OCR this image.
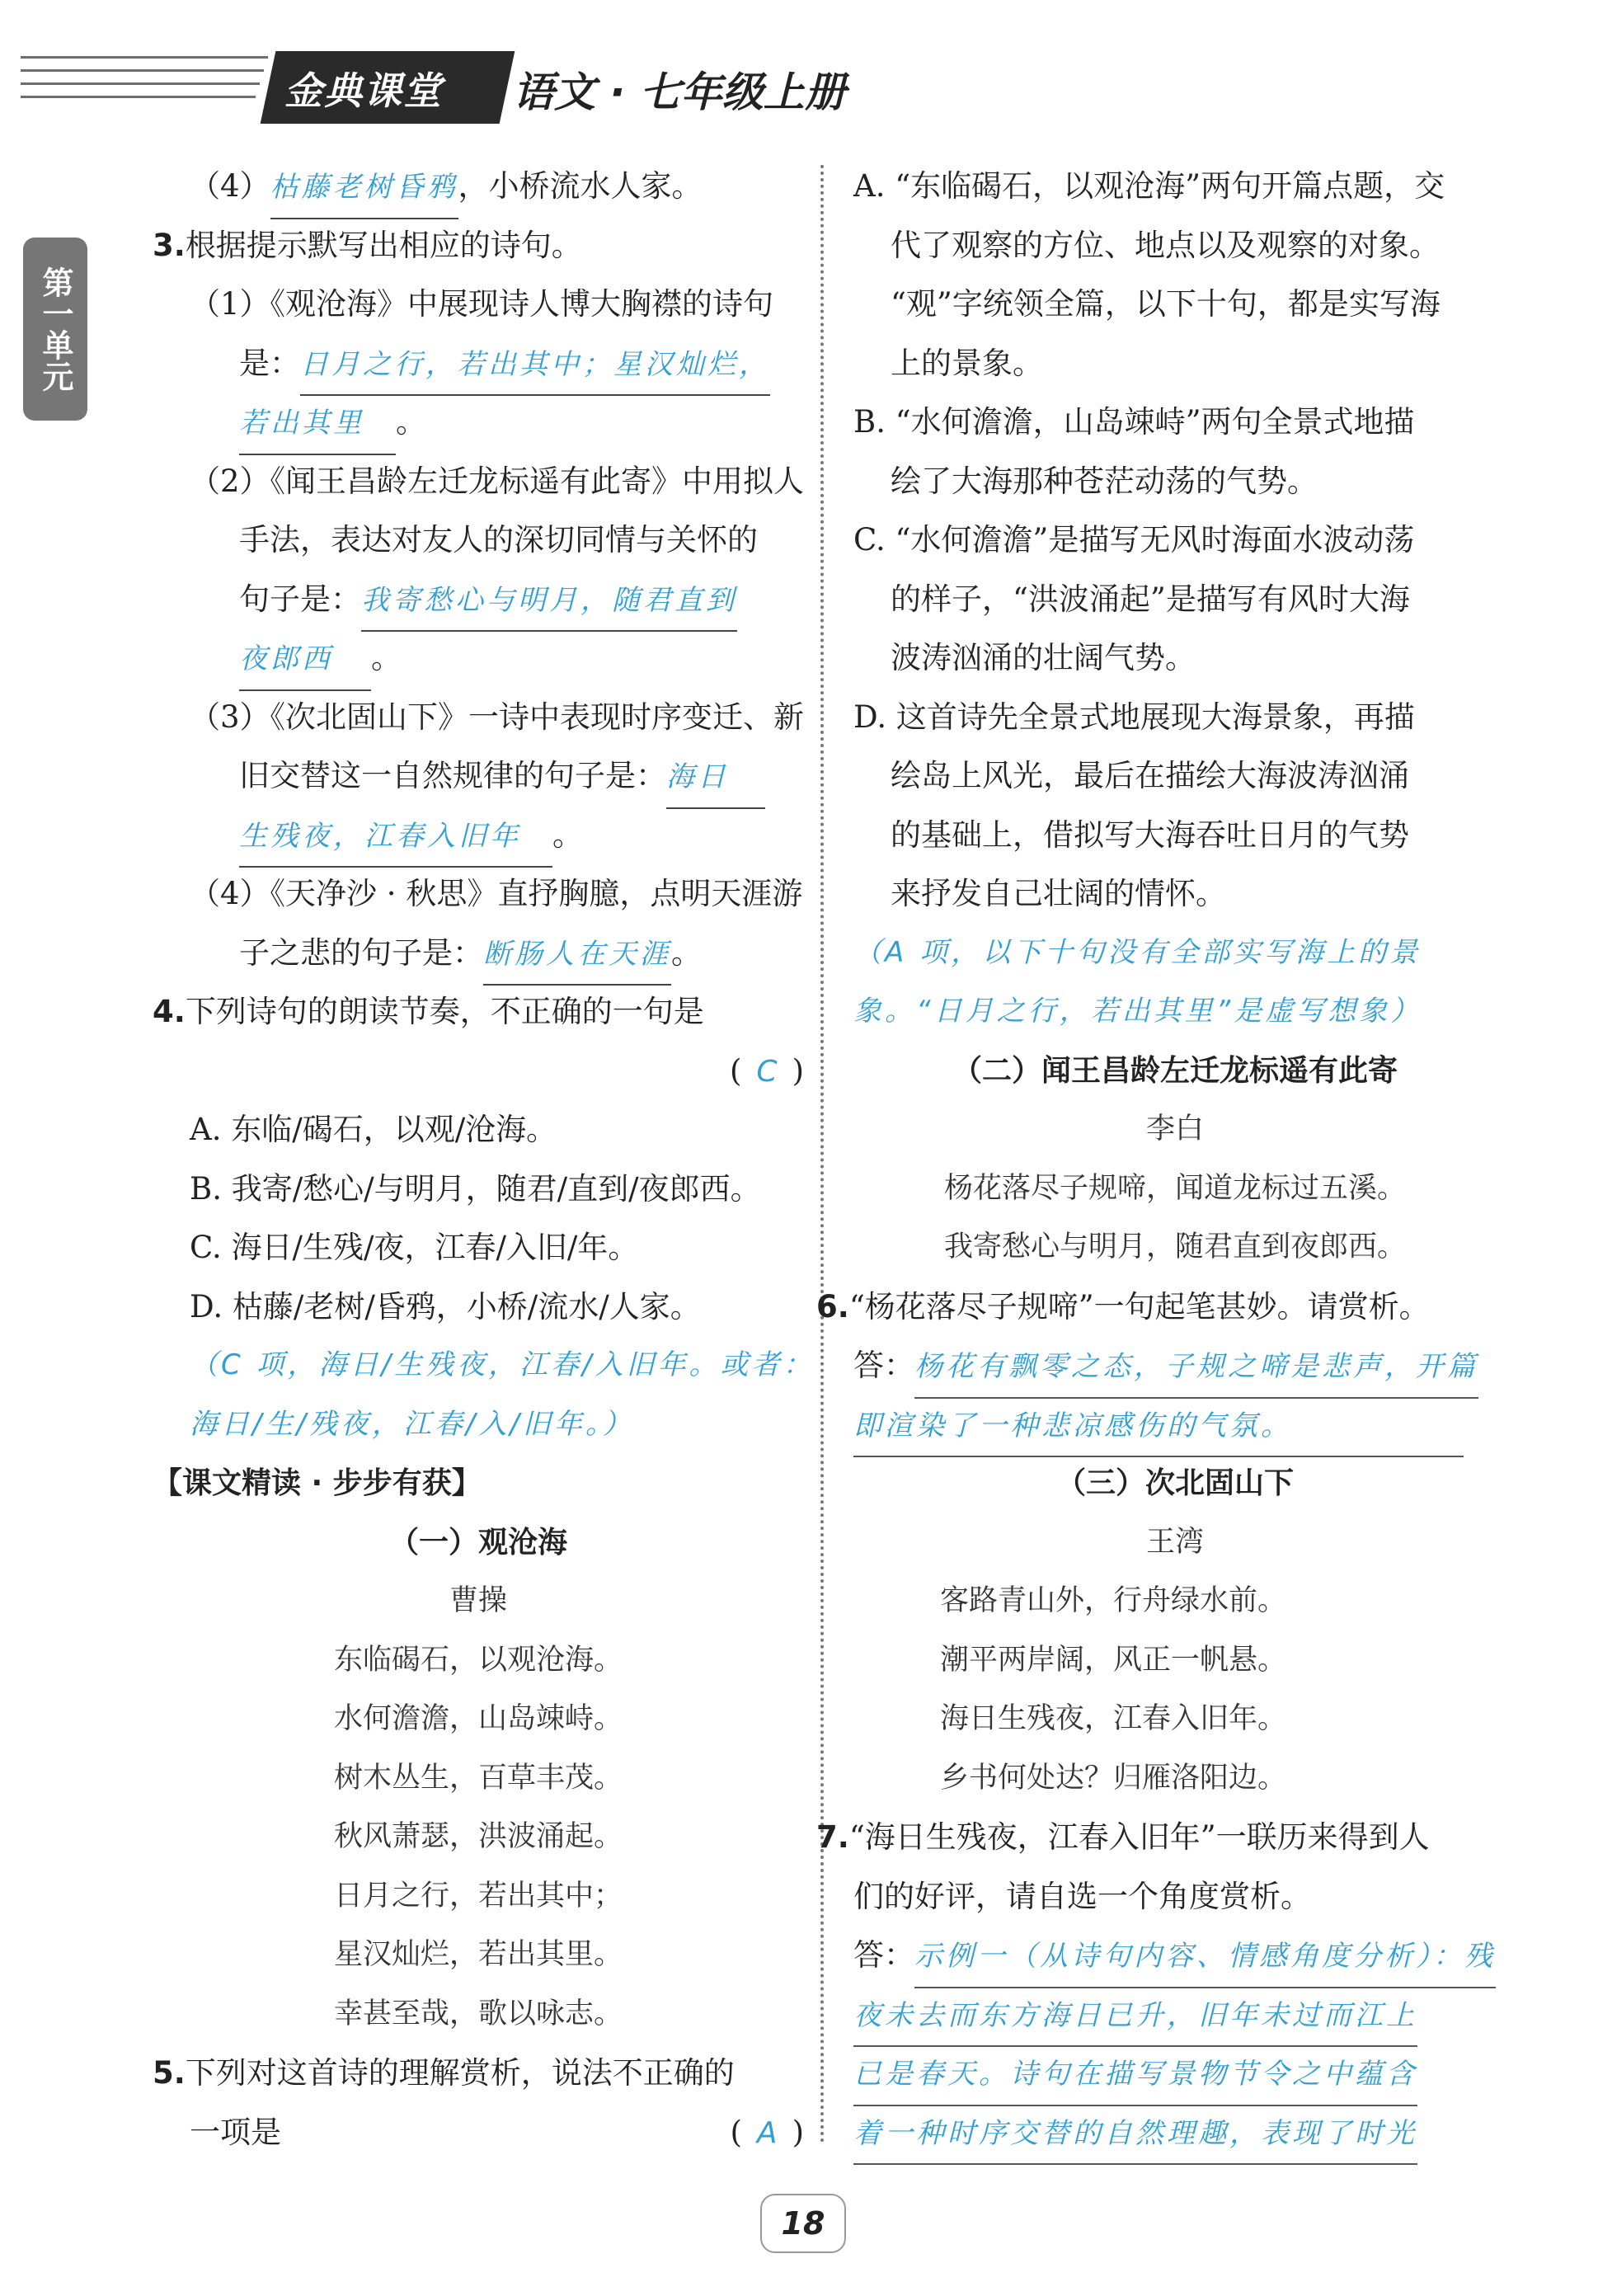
金典课堂 语文 · 七年级上册
第一单元
（4）枯藤老树昏鸦，小桥流水人家。
3.根据提示默写出相应的诗句。
（1）《观沧海》中展现诗人博大胸襟的诗句
是：日月之行，若出其中；星汉灿烂，
若出其里 。
（2）《闻王昌龄左迁龙标遥有此寄》中用拟人
手法，表达对友人的深切同情与关怀的
句子是：我寄愁心与明月，随君直到
夜郎西 。
（3）《次北固山下》一诗中表现时序变迁、新
旧交替这一自然规律的句子是：海日
生残夜，江春入旧年 。
（4）《天净沙 · 秋思》直抒胸臆，点明天涯游
子之悲的句子是：断肠人在天涯。
4.下列诗句的朗读节奏，不正确的一句是
( C )
A. 东临/碣石，以观/沧海。
B. 我寄/愁心/与明月，随君/直到/夜郎西。
C. 海日/生残/夜，江春/入旧/年。
D. 枯藤/老树/昏鸦，小桥/流水/人家。
（C 项，海日/生残夜，江春/入旧年。或者：
海日/生/残夜，江春/入/旧年。）
【课文精读 · 步步有获】
（一）观沧海
曹操
东临碣石，以观沧海。
水何澹澹，山岛竦峙。
树木丛生，百草丰茂。
秋风萧瑟，洪波涌起。
日月之行，若出其中；
星汉灿烂，若出其里。
幸甚至哉，歌以咏志。
5.下列对这首诗的理解赏析，说法不正确的
一项是	( A )
A. “东临碣石，以观沧海”两句开篇点题，交
代了观察的方位、地点以及观察的对象。
“观”字统领全篇，以下十句，都是实写海
上的景象。
B. “水何澹澹，山岛竦峙”两句全景式地描
绘了大海那种苍茫动荡的气势。
C. “水何澹澹”是描写无风时海面水波动荡
的样子，“洪波涌起”是描写有风时大海
波涛汹涌的壮阔气势。
D. 这首诗先全景式地展现大海景象，再描
绘岛上风光，最后在描绘大海波涛汹涌
的基础上，借拟写大海吞吐日月的气势
来抒发自己壮阔的情怀。
（A 项，以下十句没有全部实写海上的景
象。“日月之行，若出其里”是虚写想象）
（二）闻王昌龄左迁龙标遥有此寄
李白
杨花落尽子规啼，闻道龙标过五溪。
我寄愁心与明月，随君直到夜郎西。
6.“杨花落尽子规啼”一句起笔甚妙。请赏析。
答：杨花有飘零之态，子规之啼是悲声，开篇
即渲染了一种悲凉感伤的气氛。
（三）次北固山下
王湾
客路青山外，行舟绿水前。
潮平两岸阔，风正一帆悬。
海日生残夜，江春入旧年。
乡书何处达？归雁洛阳边。
7.“海日生残夜，江春入旧年”一联历来得到人
们的好评，请自选一个角度赏析。
答：示例一（从诗句内容、情感角度分析）：残
夜未去而东方海日已升，旧年未过而江上
已是春天。诗句在描写景物节令之中蕴含
着一种时序交替的自然理趣，表现了时光
18
